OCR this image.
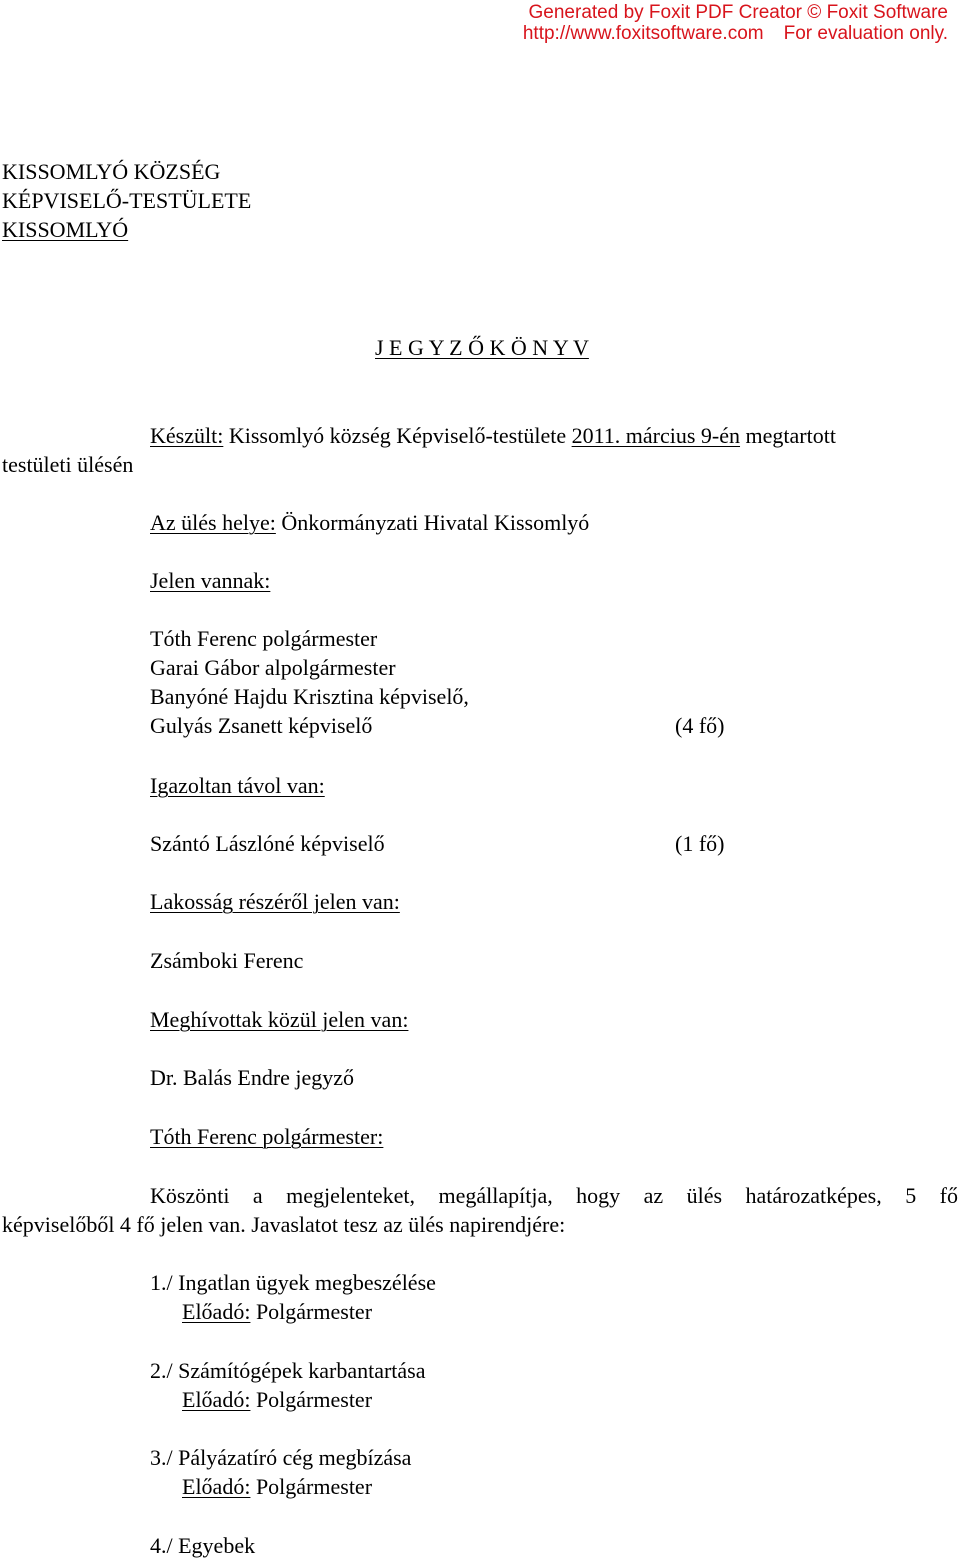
Generated by Foxit PDF Creator © Foxit Software
http://www.foxitsoftware.com For evaluation only.
KISSOMLYÓ KÖZSÉG
KÉPVISELŐ-TESTÜLETE
KISSOMLYÓ
J E G Y Z Ő K Ö N Y V
Készült: Kissomlyó község Képviselő-testülete 2011. március 9-én megtartott
testületi ülésén
Az ülés helye: Önkormányzati Hivatal Kissomlyó
Jelen vannak:
Tóth Ferenc polgármester
Garai Gábor alpolgármester
Banyóné Hajdu Krisztina képviselő,
Gulyás Zsanett képviselő	(4 fő)
Igazoltan távol van:
Szántó Lászlóné képviselő	(1 fő)
Lakosság részéről jelen van:
Zsámboki Ferenc
Meghívottak közül jelen van:
Dr. Balás Endre jegyző
Tóth Ferenc polgármester:
Köszönti a megjelenteket, megállapítja, hogy az ülés határozatképes, 5 fő
képviselőből 4 fő jelen van. Javaslatot tesz az ülés napirendjére:
1./ Ingatlan ügyek megbeszélése
Előadó: Polgármester
2./ Számítógépek karbantartása
Előadó: Polgármester
3./ Pályázatíró cég megbízása
Előadó: Polgármester
4./ Egyebek
